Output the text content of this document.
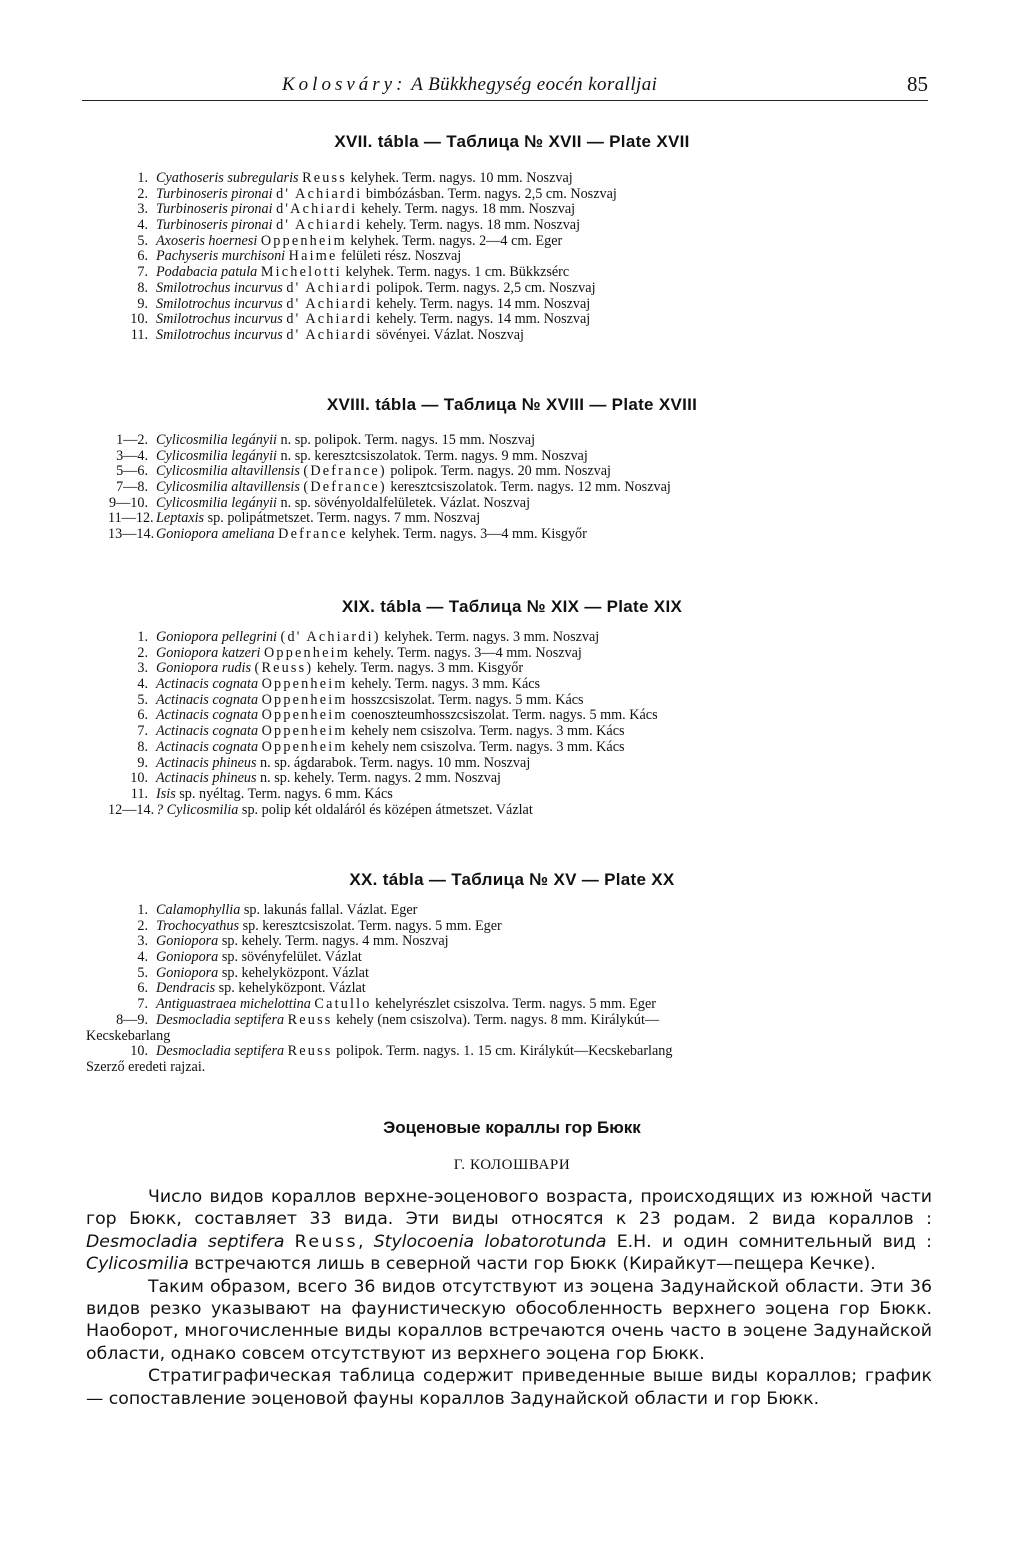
Kolosváry: A Bükkhegység eocén koralljai	85
XVII. tábla — Таблица № XVII — Plate XVII
1. Cyathoseris subregularis Reuss kelyhek. Term. nagys. 10 mm. Noszvaj
2. Turbinoseris pironai d' Achiardi bimbózásban. Term. nagys. 2,5 cm. Noszvaj
3. Turbinoseris pironai d'Achiardi kehely. Term. nagys. 18 mm. Noszvaj
4. Turbinoseris pironai d' Achiardi kehely. Term. nagys. 18 mm. Noszvaj
5. Axoseris hoernesi Oppenheim kelyhek. Term. nagys. 2—4 cm. Eger
6. Pachyseris murchisoni Haime felületi rész. Noszvaj
7. Podabacia patula Michelotti kelyhek. Term. nagys. 1 cm. Bükkzsérc
8. Smilotrochus incurvus d' Achiardi polipok. Term. nagys. 2,5 cm. Noszvaj
9. Smilotrochus incurvus d' Achiardi kehely. Term. nagys. 14 mm. Noszvaj
10. Smilotrochus incurvus d' Achiardi kehely. Term. nagys. 14 mm. Noszvaj
11. Smilotrochus incurvus d' Achiardi sövényei. Vázlat. Noszvaj
XVIII. tábla — Таблица № XVIII — Plate XVIII
1—2. Cylicosmilia legányii n. sp. polipok. Term. nagys. 15 mm. Noszvaj
3—4. Cylicosmilia legányii n. sp. keresztcsiszolatok. Term. nagys. 9 mm. Noszvaj
5—6. Cylicosmilia altavillensis (Defrance) polipok. Term. nagys. 20 mm. Noszvaj
7—8. Cylicosmilia altavillensis (Defrance) keresztcsiszolatok. Term. nagys. 12 mm. Noszvaj
9—10. Cylicosmilia legányii n. sp. sövényoldalfelületek. Vázlat. Noszvaj
11—12. Leptaxis sp. polipátmetszet. Term. nagys. 7 mm. Noszvaj
13—14. Goniopora ameliana Defrance kelyhek. Term. nagys. 3—4 mm. Kisgyőr
XIX. tábla — Таблица № XIX — Plate XIX
1. Goniopora pellegrini (d' Achiardi) kelyhek. Term. nagys. 3 mm. Noszvaj
2. Goniopora katzeri Oppenheim kehely. Term. nagys. 3—4 mm. Noszvaj
3. Goniopora rudis (Reuss) kehely. Term. nagys. 3 mm. Kisgyőr
4. Actinacis cognata Oppenheim kehely. Term. nagys. 3 mm. Kács
5. Actinacis cognata Oppenheim hosszcsiszolat. Term. nagys. 5 mm. Kács
6. Actinacis cognata Oppenheim coenoszteumhosszcsiszolat. Term. nagys. 5 mm. Kács
7. Actinacis cognata Oppenheim kehely nem csiszolva. Term. nagys. 3 mm. Kács
8. Actinacis cognata Oppenheim kehely nem csiszolva. Term. nagys. 3 mm. Kács
9. Actinacis phineus n. sp. ágdarabok. Term. nagys. 10 mm. Noszvaj
10. Actinacis phineus n. sp. kehely. Term. nagys. 2 mm. Noszvaj
11. Isis sp. nyéltag. Term. nagys. 6 mm. Kács
12—14. ? Cylicosmilia sp. polip két oldaláról és középen átmetszet. Vázlat
XX. tábla — Таблица № XV — Plate XX
1. Calamophyllia sp. lakunás fallal. Vázlat. Eger
2. Trochocyathus sp. keresztcsiszolat. Term. nagys. 5 mm. Eger
3. Goniopora sp. kehely. Term. nagys. 4 mm. Noszvaj
4. Goniopora sp. sövényfelület. Vázlat
5. Goniopora sp. kehelyközpont. Vázlat
6. Dendracis sp. kehelyközpont. Vázlat
7. Antiguastraea michelottina Catullo kehelyrészlet csiszolva. Term. nagys. 5 mm. Eger
8—9. Desmocladia septifera Reuss kehely (nem csiszolva). Term. nagys. 8 mm. Királykút—
Kecskebarlang
10. Desmocladia septifera Reuss polipok. Term. nagys. 1. 15 cm. Királykút—Kecskebarlang
Szerző eredeti rajzai.
Эоценовые кораллы гор Бюкк
Г. КОЛОШВАРИ

Число видов кораллов верхне-эоценового возраста, происходящих из южной части гор Бюкк, составляет 33 вида. Эти виды относятся к 23 родам. 2 вида кораллов : Desmocladia septifera Reuss, Stylocoenia lobatorotunda Е.Н. и один сомнительный вид : Cylicosmilia встречаются лишь в северной части гор Бюкк (Кирайкут—пещера Кечке).

Таким образом, всего 36 видов отсутствуют из эоцена Задунайской области. Эти 36 видов резко указывают на фаунистическую обособленность верхнего эоцена гор Бюкк. Наоборот, многочисленные виды кораллов встречаются очень часто в эоцене Задунайской области, однако совсем отсутствуют из верхнего эоцена гор Бюкк.

Стратиграфическая таблица содержит приведенные выше виды кораллов; график — сопоставление эоценовой фауны кораллов Задунайской области и гор Бюкк.
